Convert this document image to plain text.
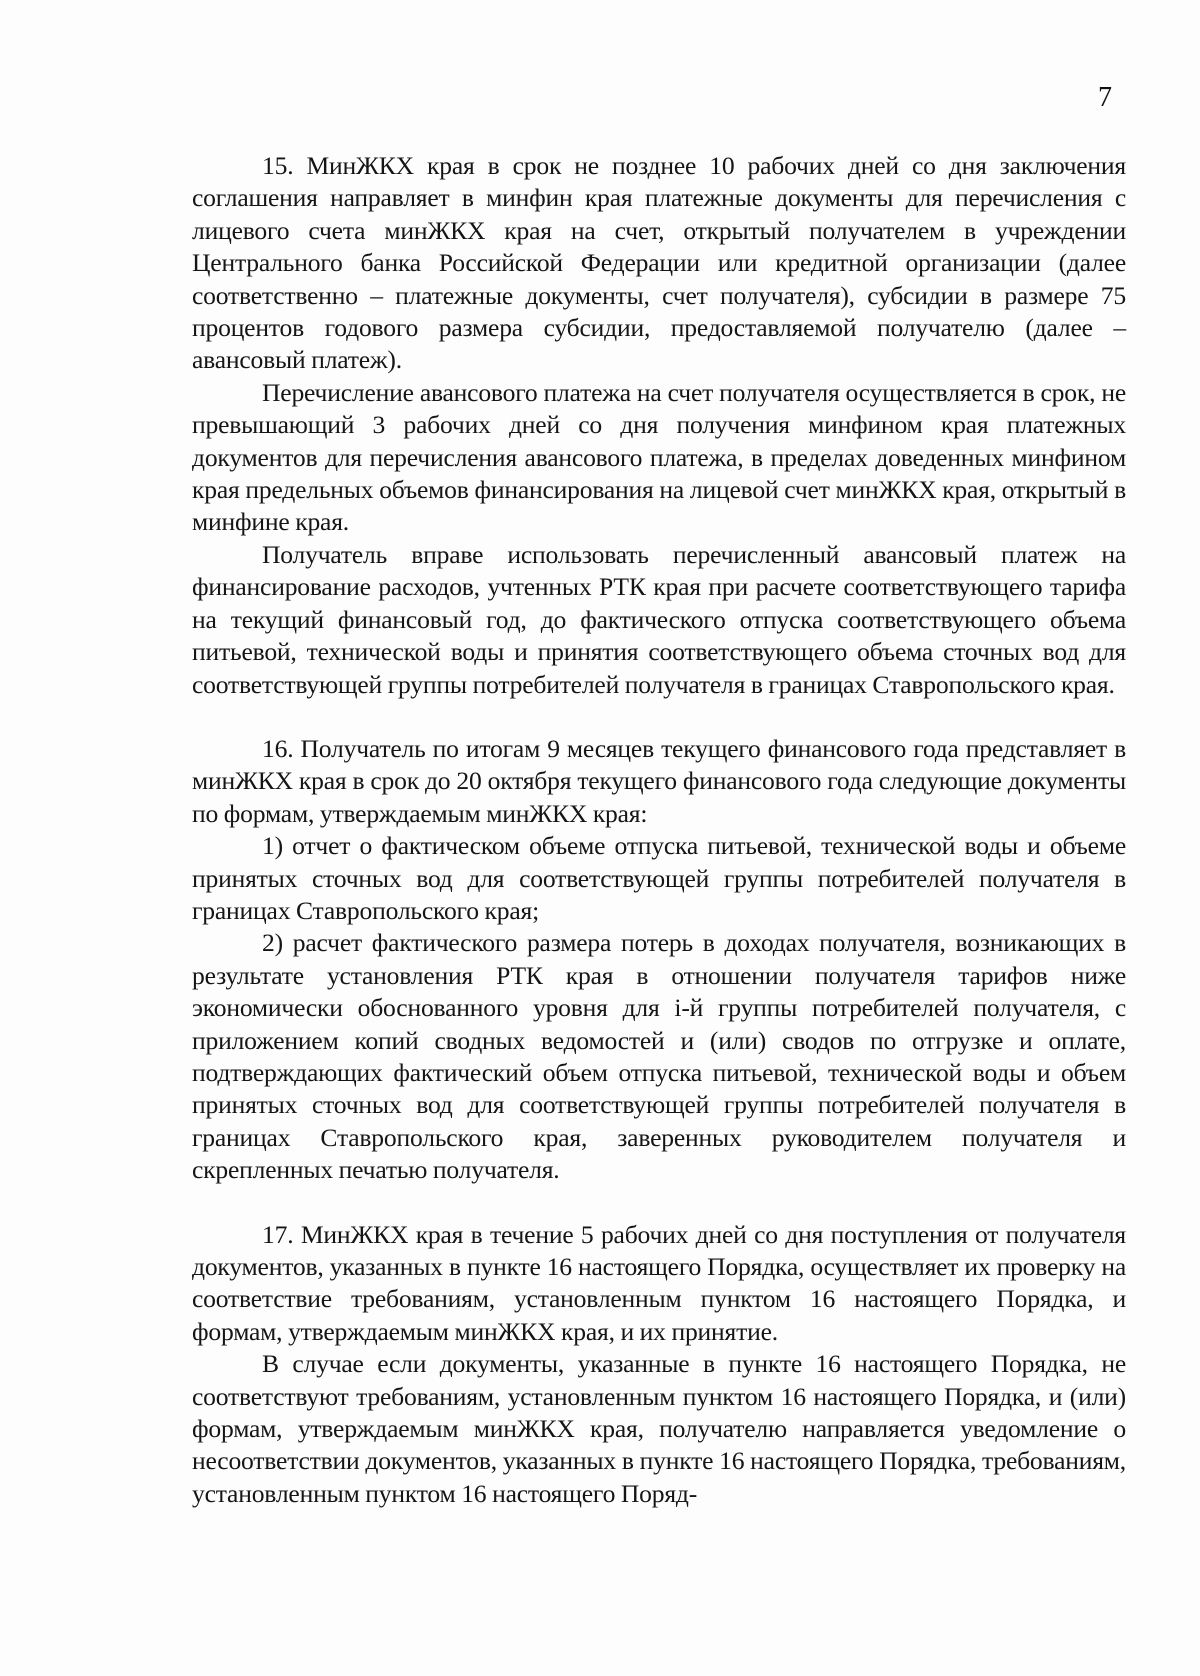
7

15. МинЖКХ края в срок не позднее 10 рабочих дней со дня заключения соглашения направляет в минфин края платежные документы для перечисления с лицевого счета минЖКХ края на счет, открытый получателем в учреждении Центрального банка Российской Федерации или кредитной организации (далее соответственно – платежные документы, счет получателя), субсидии в размере 75 процентов годового размера субсидии, предоставляемой получателю (далее – авансовый платеж).

Перечисление авансового платежа на счет получателя осуществляется в срок, не превышающий 3 рабочих дней со дня получения минфином края платежных документов для перечисления авансового платежа, в пределах доведенных минфином края предельных объемов финансирования на лицевой счет минЖКХ края, открытый в минфине края.

Получатель вправе использовать перечисленный авансовый платеж на финансирование расходов, учтенных РТК края при расчете соответствующего тарифа на текущий финансовый год, до фактического отпуска соответствующего объема питьевой, технической воды и принятия соответствующего объема сточных вод для соответствующей группы потребителей получателя в границах Ставропольского края.

16. Получатель по итогам 9 месяцев текущего финансового года представляет в минЖКХ края в срок до 20 октября текущего финансового года следующие документы по формам, утверждаемым минЖКХ края:

1) отчет о фактическом объеме отпуска питьевой, технической воды и объеме принятых сточных вод для соответствующей группы потребителей получателя в границах Ставропольского края;

2) расчет фактического размера потерь в доходах получателя, возникающих в результате установления РТК края в отношении получателя тарифов ниже экономически обоснованного уровня для i-й группы потребителей получателя, с приложением копий сводных ведомостей и (или) сводов по отгрузке и оплате, подтверждающих фактический объем отпуска питьевой, технической воды и объем принятых сточных вод для соответствующей группы потребителей получателя в границах Ставропольского края, заверенных руководителем получателя и скрепленных печатью получателя.

17. МинЖКХ края в течение 5 рабочих дней со дня поступления от получателя документов, указанных в пункте 16 настоящего Порядка, осуществляет их проверку на соответствие требованиям, установленным пунктом 16 настоящего Порядка, и формам, утверждаемым минЖКХ края, и их принятие.

В случае если документы, указанные в пункте 16 настоящего Порядка, не соответствуют требованиям, установленным пунктом 16 настоящего Порядка, и (или) формам, утверждаемым минЖКХ края, получателю направляется уведомление о несоответствии документов, указанных в пункте 16 настоящего Порядка, требованиям, установленным пунктом 16 настоящего Поряд-
